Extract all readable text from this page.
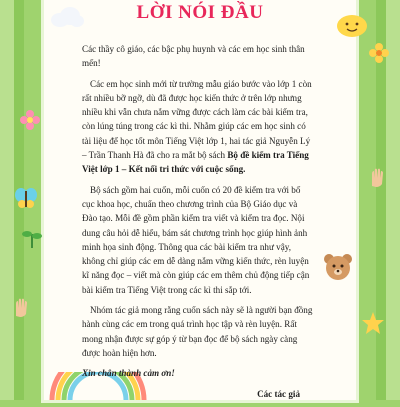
LỜI NÓI ĐẦU

Các thầy cô giáo, các bậc phụ huynh và các em học sinh thân mến!

Các em học sinh mới từ trường mẫu giáo bước vào lớp 1 còn rất nhiều bỡ ngỡ, dù đã được học kiến thức ở trên lớp nhưng nhiều khi vẫn chưa nắm vững được cách làm các bài kiểm tra, còn lúng túng trong các kì thi. Nhằm giúp các em học sinh có tài liệu để học tốt môn Tiếng Việt lớp 1, hai tác giả Nguyễn Lý – Trần Thanh Hà đã cho ra mắt bộ sách Bộ đề kiểm tra Tiếng Việt lớp 1 – Kết nối tri thức với cuộc sống.

Bộ sách gồm hai cuốn, mỗi cuốn có 20 đề kiểm tra với bố cục khoa học, chuẩn theo chương trình của Bộ Giáo dục và Đào tạo. Mỗi đề gồm phần kiểm tra viết và kiểm tra đọc. Nội dung câu hỏi dễ hiểu, bám sát chương trình học giúp hình ảnh minh họa sinh động. Thông qua các bài kiểm tra như vậy, không chỉ giúp các em dễ dàng nắm vững kiến thức, rèn luyện kĩ năng đọc – viết mà còn giúp các em thêm chủ động tiếp cận bài kiểm tra Tiếng Việt trong các kì thi sắp tới.

Nhóm tác giả mong rằng cuốn sách này sẽ là người bạn đồng hành cùng các em trong quá trình học tập và rèn luyện. Rất mong nhận được sự góp ý từ bạn đọc để bộ sách ngày càng được hoàn hiện hơn.

Xin chân thành cảm ơn!

Các tác giả
